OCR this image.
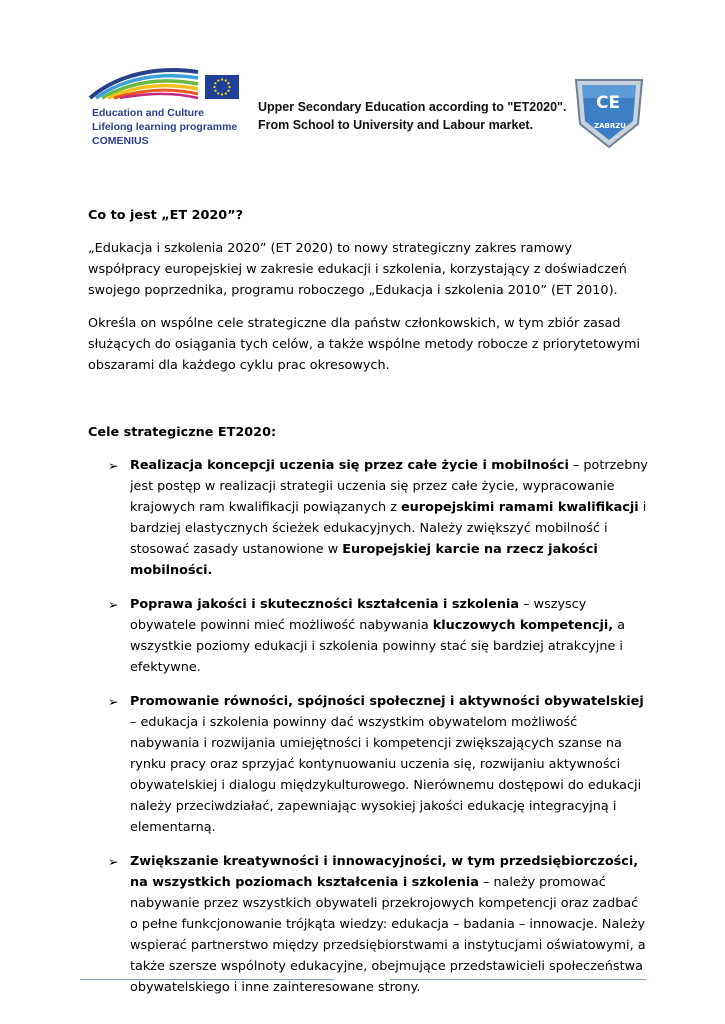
Education and Culture
Lifelong learning programme
COMENIUS
Upper Secondary Education according to "ET2020".
From School to University and Labour market.
CE
ZABRZU

Co to jest „ET 2020”?

„Edukacja i szkolenia 2020” (ET 2020) to nowy strategiczny zakres ramowy współpracy europejskiej w zakresie edukacji i szkolenia, korzystający z doświadczeń swojego poprzednika, programu roboczego „Edukacja i szkolenia 2010” (ET 2010).

Określa on wspólne cele strategiczne dla państw członkowskich, w tym zbiór zasad służących do osiągania tych celów, a także wspólne metody robocze z priorytetowymi obszarami dla każdego cyklu prac okresowych.

Cele strategiczne ET2020:

➢ Realizacja koncepcji uczenia się przez całe życie i mobilności – potrzebny jest postęp w realizacji strategii uczenia się przez całe życie, wypracowanie krajowych ram kwalifikacji powiązanych z europejskimi ramami kwalifikacji i bardziej elastycznych ścieżek edukacyjnych. Należy zwiększyć mobilność i stosować zasady ustanowione w Europejskiej karcie na rzecz jakości mobilności.
➢ Poprawa jakości i skuteczności kształcenia i szkolenia – wszyscy obywatele powinni mieć możliwość nabywania kluczowych kompetencji, a wszystkie poziomy edukacji i szkolenia powinny stać się bardziej atrakcyjne i efektywne.
➢ Promowanie równości, spójności społecznej i aktywności obywatelskiej – edukacja i szkolenia powinny dać wszystkim obywatelom możliwość nabywania i rozwijania umiejętności i kompetencji zwiększających szanse na rynku pracy oraz sprzyjać kontynuowaniu uczenia się, rozwijaniu aktywności obywatelskiej i dialogu międzykulturowego. Nierównemu dostępowi do edukacji należy przeciwdziałać, zapewniając wysokiej jakości edukację integracyjną i elementarną.
➢ Zwiększanie kreatywności i innowacyjności, w tym przedsiębiorczości, na wszystkich poziomach kształcenia i szkolenia – należy promować nabywanie przez wszystkich obywateli przekrojowych kompetencji oraz zadbać o pełne funkcjonowanie trójkąta wiedzy: edukacja – badania – innowacje. Należy wspierać partnerstwo między przedsiębiorstwami a instytucjami oświatowymi, a także szersze wspólnoty edukacyjne, obejmujące przedstawicieli społeczeństwa obywatelskiego i inne zainteresowane strony.
